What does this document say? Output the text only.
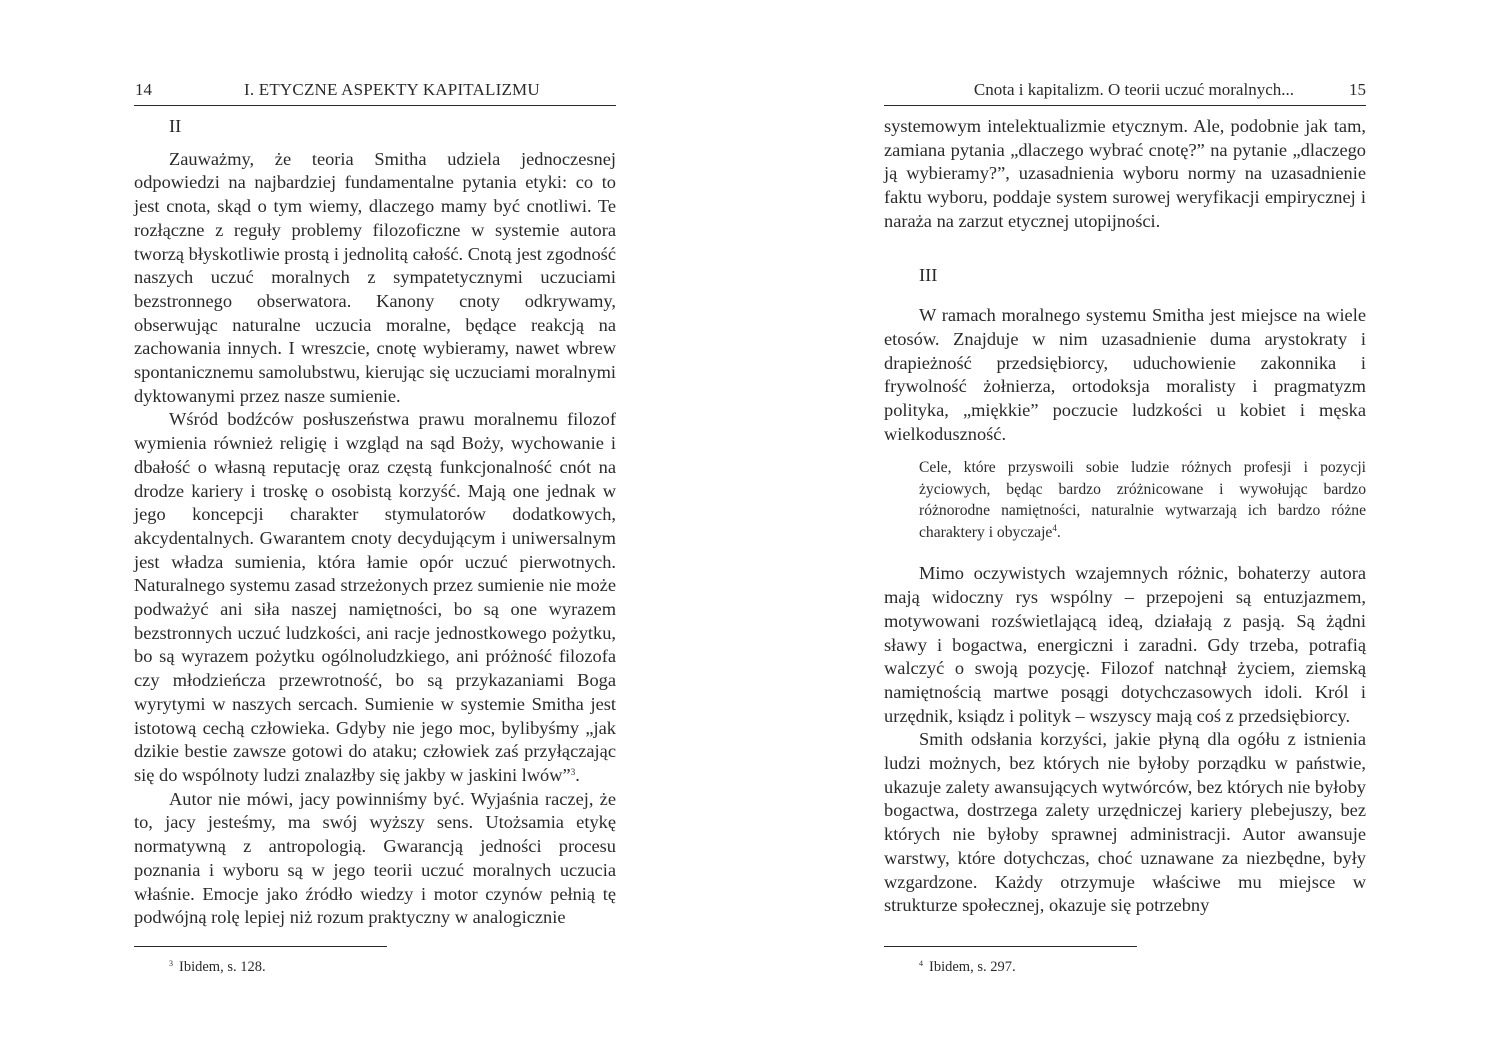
14	I. ETYCZNE ASPEKTY KAPITALIZMU
II

Zauważmy, że teoria Smitha udziela jednoczesnej odpowiedzi na najbardziej fundamentalne pytania etyki: co to jest cnota, skąd o tym wiemy, dlaczego mamy być cnotliwi. Te rozłączne z reguły problemy filozoficzne w systemie autora tworzą błyskotliwie prostą i jednolitą całość. Cnotą jest zgodność naszych uczuć moralnych z sympatetycznymi uczuciami bezstronnego obserwatora. Kanony cnoty odkrywamy, obserwując naturalne uczucia moralne, będące reakcją na zachowania innych. I wreszcie, cnotę wybieramy, nawet wbrew spontanicznemu samolubstwu, kierując się uczuciami moralnymi dyktowanymi przez nasze sumienie.

Wśród bodźców posłuszeństwa prawu moralnemu filozof wymienia również religię i wzgląd na sąd Boży, wychowanie i dbałość o własną reputację oraz częstą funkcjonalność cnót na drodze kariery i troskę o osobistą korzyść. Mają one jednak w jego koncepcji charakter stymulatorów dodatkowych, akcydentalnych. Gwarantem cnoty decydującym i uniwersalnym jest władza sumienia, która łamie opór uczuć pierwotnych. Naturalnego systemu zasad strzeżonych przez sumienie nie może podważyć ani siła naszej namiętności, bo są one wyrazem bezstronnych uczuć ludzkości, ani racje jednostkowego pożytku, bo są wyrazem pożytku ogólnoludzkiego, ani próżność filozofa czy młodzieńcza przewrotność, bo są przykazaniami Boga wyrytymi w naszych sercach. Sumienie w systemie Smitha jest istotową cechą człowieka. Gdyby nie jego moc, bylibyśmy „jak dzikie bestie zawsze gotowi do ataku; człowiek zaś przyłączając się do wspólnoty ludzi znalazłby się jakby w jaskini lwów”$^3$.

Autor nie mówi, jacy powinniśmy być. Wyjaśnia raczej, że to, jacy jesteśmy, ma swój wyższy sens. Utożsamia etykę normatywną z antropologią. Gwarancją jedności procesu poznania i wyboru są w jego teorii uczuć moralnych uczucia właśnie. Emocje jako źródło wiedzy i motor czynów pełnią tę podwójną rolę lepiej niż rozum praktyczny w analogicznie

$^3$ Ibidem, s. 128.
Cnota i kapitalizm. O teorii uczuć moralnych...	15

systemowym intelektualizmie etycznym. Ale, podobnie jak tam, zamiana pytania „dlaczego wybrać cnotę?” na pytanie „dlaczego ją wybieramy?”, uzasadnienia wyboru normy na uzasadnienie faktu wyboru, poddaje system surowej weryfikacji empirycznej i naraża na zarzut etycznej utopijności.

III

W ramach moralnego systemu Smitha jest miejsce na wiele etosów. Znajduje w nim uzasadnienie duma arystokraty i drapieżność przedsiębiorcy, uduchowienie zakonnika i frywolność żołnierza, ortodoksja moralisty i pragmatyzm polityka, „miękkie” poczucie ludzkości u kobiet i męska wielkoduszność.

Cele, które przyswoili sobie ludzie różnych profesji i pozycji życiowych, będąc bardzo zróżnicowane i wywołując bardzo różnorodne namiętności, naturalnie wytwarzają ich bardzo różne charaktery i obyczaje$^4$.

Mimo oczywistych wzajemnych różnic, bohaterzy autora mają widoczny rys wspólny – przepojeni są entuzjazmem, motywowani rozświetlającą ideą, działają z pasją. Są żądni sławy i bogactwa, energiczni i zaradni. Gdy trzeba, potrafią walczyć o swoją pozycję. Filozof natchnął życiem, ziemską namiętnością martwe posągi dotychczasowych idoli. Król i urzędnik, ksiądz i polityk – wszyscy mają coś z przedsiębiorcy.

Smith odsłania korzyści, jakie płyną dla ogółu z istnienia ludzi możnych, bez których nie byłoby porządku w państwie, ukazuje zalety awansujących wytwórców, bez których nie byłoby bogactwa, dostrzega zalety urzędniczej kariery plebejuszy, bez których nie byłoby sprawnej administracji. Autor awansuje warstwy, które dotychczas, choć uznawane za niezbędne, były wzgardzone. Każdy otrzymuje właściwe mu miejsce w strukturze społecznej, okazuje się potrzebny

$^4$ Ibidem, s. 297.
